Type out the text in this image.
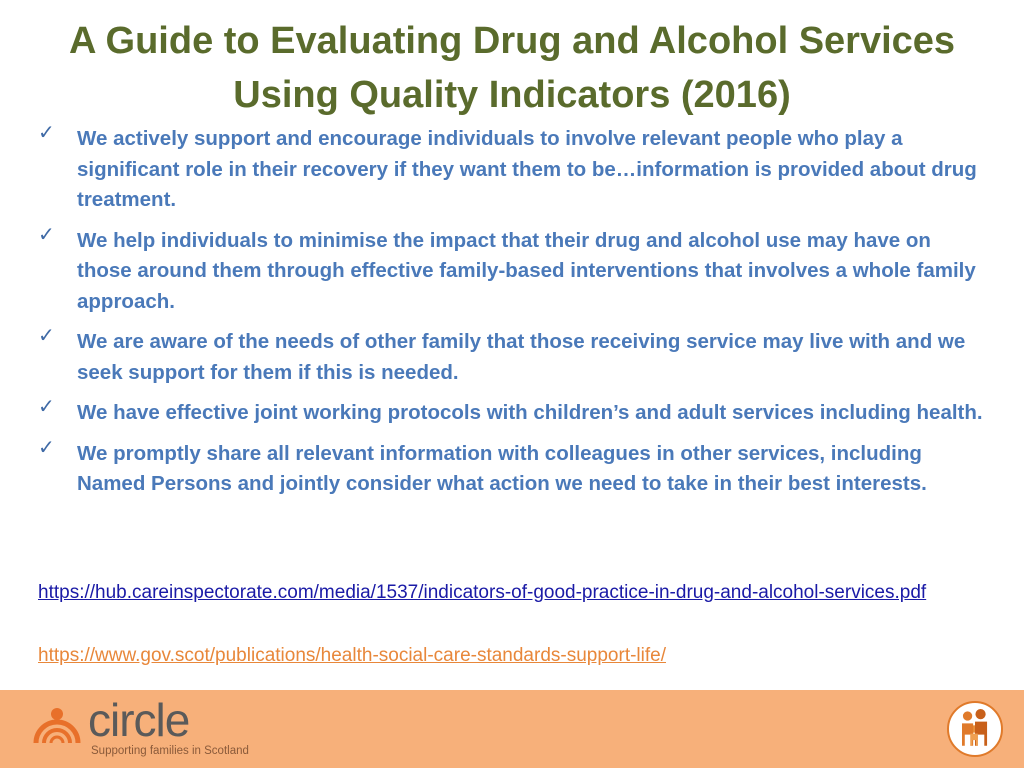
A Guide to Evaluating Drug and Alcohol Services
Using Quality Indicators (2016)
✓ We actively support and encourage individuals to involve relevant people who play a significant role in their recovery if they want them to be…information is provided about drug treatment.
✓ We help individuals to minimise the impact that their drug and alcohol use may have on those around them through effective family-based interventions that involves a whole family approach.
✓ We are aware of the needs of other family that those receiving service may live with and we seek support for them if this is needed.
✓ We have effective joint working protocols with children’s and adult services including health.
✓ We promptly share all relevant information with colleagues in other services, including Named Persons and jointly consider what action we need to take in their best interests.
https://hub.careinspectorate.com/media/1537/indicators-of-good-practice-in-drug-and-alcohol-services.pdf
https://www.gov.scot/publications/health-social-care-standards-support-life/
circle
Supporting families in Scotland
